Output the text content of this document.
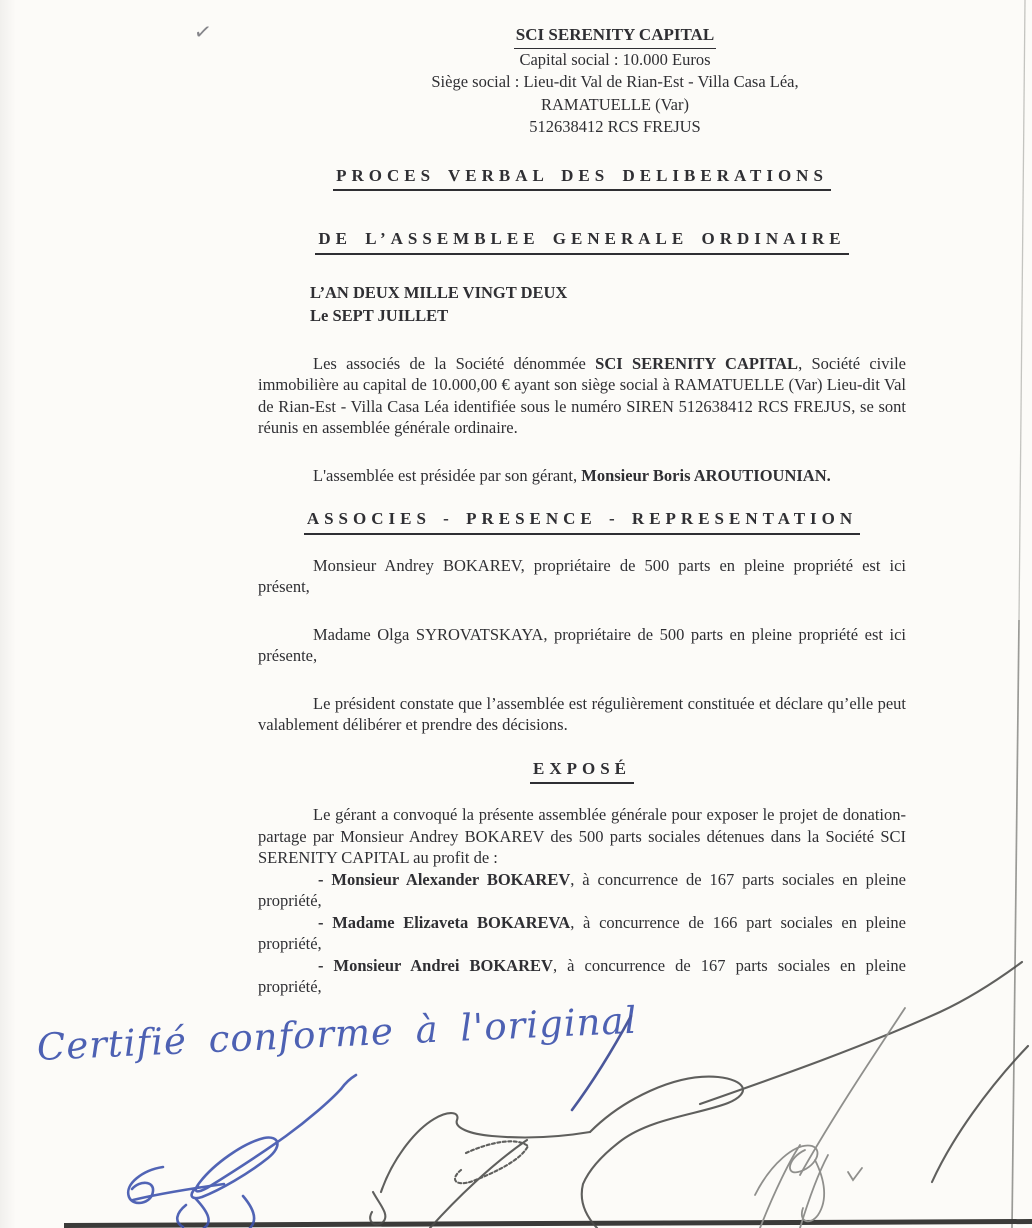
✓	SCI SERENITY CAPITAL
Capital social : 10.000 Euros
Siège social : Lieu-dit Val de Rian-Est - Villa Casa Léa,
RAMATUELLE (Var)
512638412 RCS FREJUS
PROCES VERBAL DES DELIBERATIONS
DE L’ASSEMBLEE GENERALE ORDINAIRE
L’AN DEUX MILLE VINGT DEUX
Le SEPT JUILLET

Les associés de la Société dénommée SCI SERENITY CAPITAL, Société civile immobilière au capital de 10.000,00 € ayant son siège social à RAMATUELLE (Var) Lieu-dit Val de Rian-Est - Villa Casa Léa identifiée sous le numéro SIREN 512638412 RCS FREJUS, se sont réunis en assemblée générale ordinaire.

L'assemblée est présidée par son gérant, Monsieur Boris AROUTIOUNIAN.

ASSOCIES - PRESENCE - REPRESENTATION

Monsieur Andrey BOKAREV, propriétaire de 500 parts en pleine propriété est ici présent,

Madame Olga SYROVATSKAYA, propriétaire de 500 parts en pleine propriété est ici présente,

Le président constate que l’assemblée est régulièrement constituée et déclare qu’elle peut valablement délibérer et prendre des décisions.

EXPOSÉ

Le gérant a convoqué la présente assemblée générale pour exposer le projet de donation-partage par Monsieur Andrey BOKAREV des 500 parts sociales détenues dans la Société SCI SERENITY CAPITAL au profit de :

- Monsieur Alexander BOKAREV, à concurrence de 167 parts sociales en pleine propriété,

- Madame Elizaveta BOKAREVA, à concurrence de 166 part sociales en pleine propriété,

- Monsieur Andrei BOKAREV, à concurrence de 167 parts sociales en pleine propriété,

Certifié conforme à l'original
